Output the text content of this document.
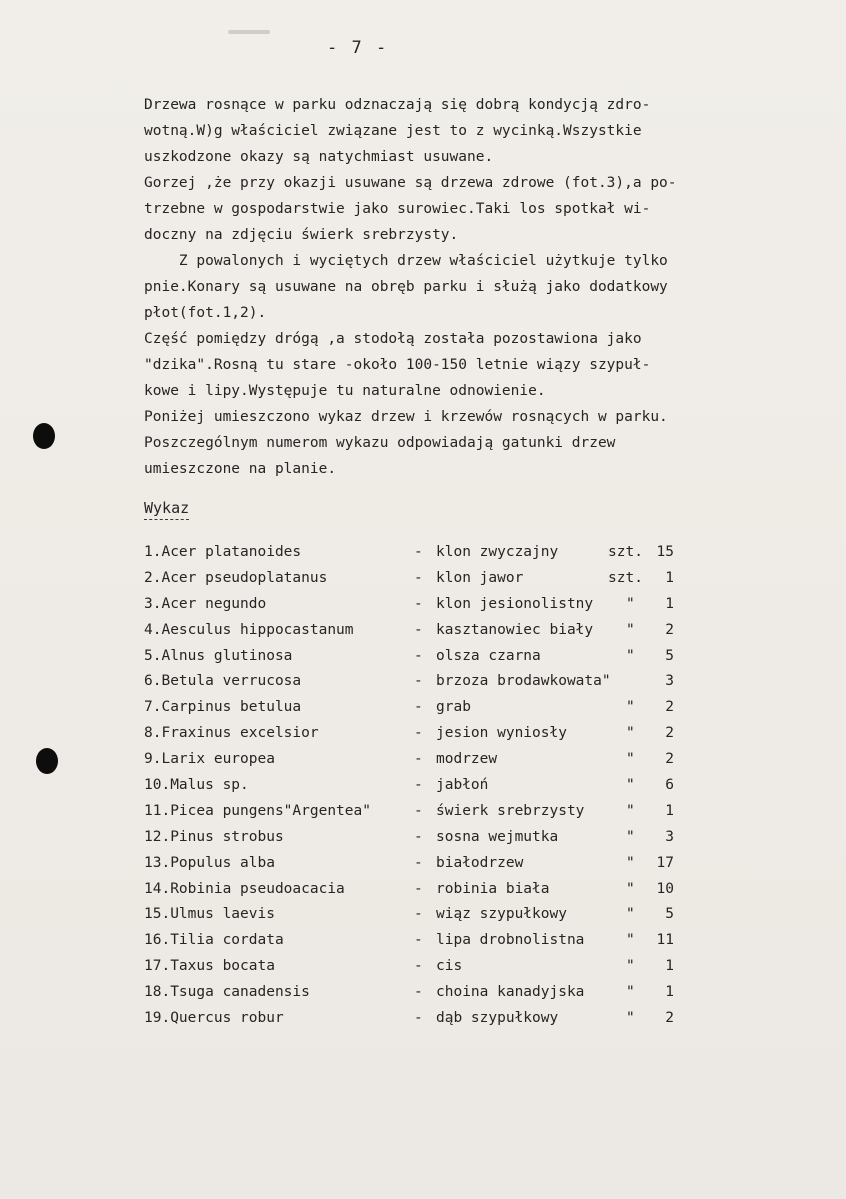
- 7 -
Drzewa rosnące w parku odznaczają się dobrą kondycją zdro-
wotną.W)g właściciel związane jest to z wycinką.Wszystkie
uszkodzone okazy są natychmiast usuwane.
Gorzej ,że przy okazji usuwane są drzewa zdrowe (fot.3),a po-
trzebne w gospodarstwie jako surowiec.Taki los spotkał wi-
doczny na zdjęciu świerk srebrzysty.
Z powalonych i wyciętych drzew właściciel użytkuje tylko
pnie.Konary są usuwane na obręb parku i służą jako dodatkowy
płot(fot.1,2).
Część pomiędzy drógą ,a stodołą została pozostawiona jako
"dzika".Rosną tu stare -około 100-150 letnie wiązy szypuł-
kowe i lipy.Występuje tu naturalne odnowienie.
Poniżej umieszczono wykaz drzew i krzewów rosnących w parku.
Poszczególnym numerom wykazu odpowiadają gatunki drzew
umieszczone na planie.
Wykaz
1.Acer platanoides	- klon zwyczajny	szt. 15
2.Acer pseudoplatanus	- klon jawor	szt. 1
3.Acer negundo	- klon jesionolistny " 1
4.Aesculus hippocastanum	- kasztanowiec biały " 2
5.Alnus glutinosa	- olsza czarna	" 5
6.Betula verrucosa	- brzoza brodawkowata"	3
7.Carpinus betulua	- grab	" 2
8.Fraxinus excelsior	- jesion wyniosły	" 2
9.Larix europea	- modrzew	" 2
10.Malus sp.	- jabłoń	" 6
11.Picea pungens"Argentea"	- świerk srebrzysty	" 1
12.Pinus strobus	- sosna wejmutka	" 3
13.Populus alba	- białodrzew	" 17
14.Robinia pseudoacacia	- robinia biała	" 10
15.Ulmus laevis	- wiąz szypułkowy	" 5
16.Tilia cordata	- lipa drobnolistna	" 11
17.Taxus bocata	- cis	" 1
18.Tsuga canadensis	- choina kanadyjska	" 1
19.Quercus robur	- dąb szypułkowy	" 2
